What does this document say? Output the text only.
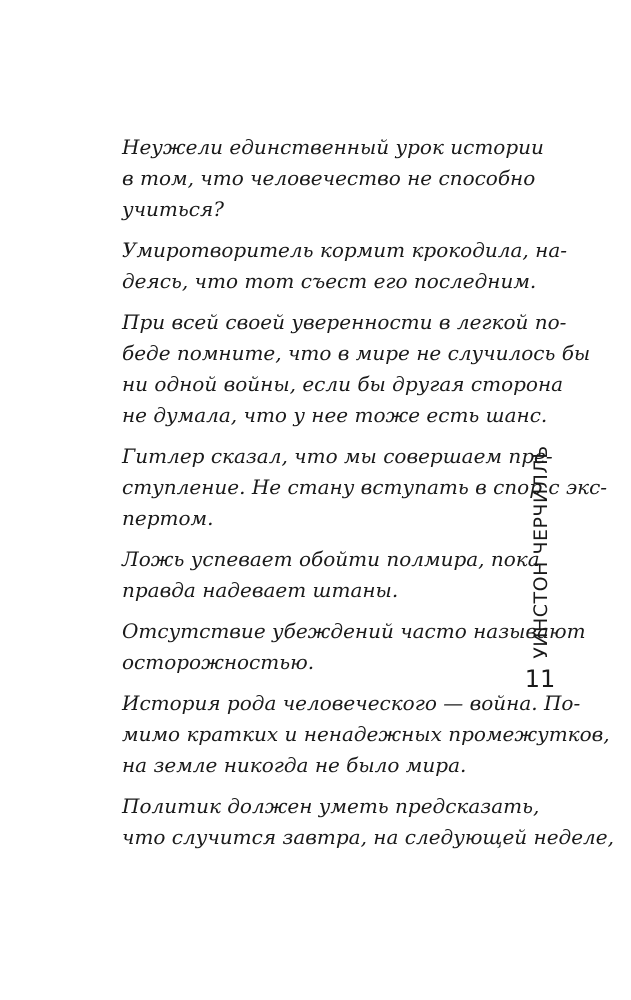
Неужели единственный урок истории
в том, что человечество не способно
учиться?
Умиротворитель кормит крокодила, на-
деясь, что тот съест его последним.
При всей своей уверенности в легкой по-
беде помните, что в мире не случилось бы
ни одной войны, если бы другая сторона
не думала, что у нее тоже есть шанс.
Гитлер сказал, что мы совершаем пре-
ступление. Не стану вступать в спор с экс-
пертом.
Ложь успевает обойти полмира, пока
правда надевает штаны.
Отсутствие убеждений часто называют
осторожностью.
История рода человеческого — война. По-
мимо кратких и ненадежных промежутков,
на земле никогда не было мира.
Политик должен уметь предсказать,
что случится завтра, на следующей неделе,
УИНСТОН ЧЕРЧИЛЛЬ
11
